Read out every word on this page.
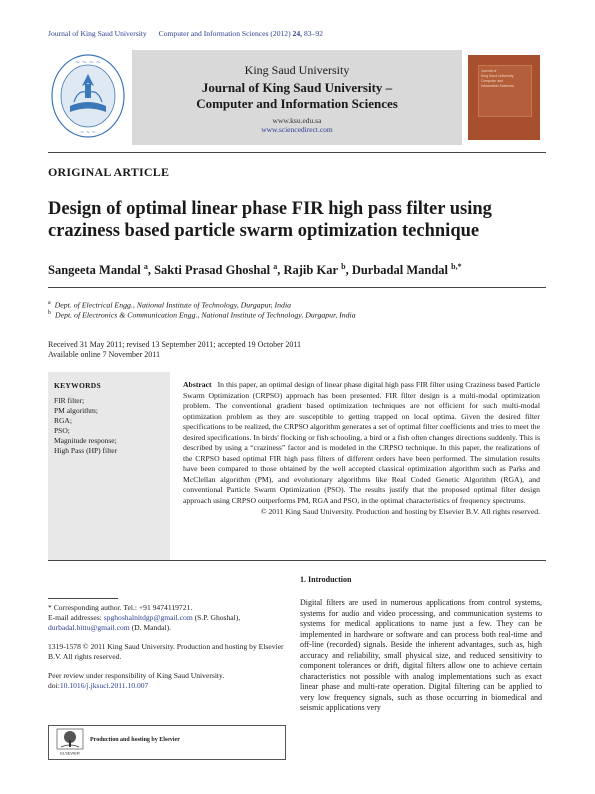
Journal of King Saud University Computer and Information Sciences (2012) 24, 83–92
~ ~ ~ ~
~ ~ ~
King Saud University
Journal of King Saud University –
Computer and Information Sciences
www.ksu.edu.sa
www.sciencedirect.com
Journal of
King Saud University
Computer and
Information Sciences
ORIGINAL ARTICLE
Design of optimal linear phase FIR high pass filter using
craziness based particle swarm optimization technique
Sangeeta Mandal $^a$, Sakti Prasad Ghoshal $^a$, Rajib Kar $^b$, Durbadal Mandal $^{b,*}$
$^a$ Dept. of Electrical Engg., National Institute of Technology, Durgapur, India
$^b$ Dept. of Electronics & Communication Engg., National Institute of Technology, Durgapur, India
Received 31 May 2011; revised 13 September 2011; accepted 19 October 2011
Available online 7 November 2011
KEYWORDS
FIR filter;
PM algorithm;
RGA;
PSO;
Magnitude response;
High Pass (HP) filter
Abstract In this paper, an optimal design of linear phase digital high pass FIR filter using Craziness based Particle Swarm Optimization (CRPSO) approach has been presented. FIR filter design is a multi-modal optimization problem. The conventional gradient based optimization techniques are not efficient for such multi-modal optimization problem as they are susceptible to getting trapped on local optima. Given the desired filter specifications to be realized, the CRPSO algorithm generates a set of optimal filter coefficients and tries to meet the desired specifications. In birds' flocking or fish schooling, a bird or a fish often changes directions suddenly. This is described by using a “craziness” factor and is modeled in the CRPSO technique. In this paper, the realizations of the CRPSO based optimal FIR high pass filters of different orders have been performed. The simulation results have been compared to those obtained by the well accepted classical optimization algorithm such as Parks and McClellan algorithm (PM), and evolutionary algorithms like Real Coded Genetic Algorithm (RGA), and conventional Particle Swarm Optimization (PSO). The results justify that the proposed optimal filter design approach using CRPSO outperforms PM, RGA and PSO, in the optimal characteristics of frequency spectrums.
© 2011 King Saud University. Production and hosting by Elsevier B.V. All rights reserved.
* Corresponding author. Tel.: +91 9474119721.
E-mail addresses: spghoshalnitdgp@gmail.com (S.P. Ghoshal), durbadal.bittu@gmail.com (D. Mandal).
1319-1578 © 2011 King Saud University. Production and hosting by Elsevier B.V. All rights reserved.
Peer review under responsibility of King Saud University.
doi:10.1016/j.jksuci.2011.10.007
ELSEVIER
Production and hosting by Elsevier
1. Introduction
Digital filters are used in numerous applications from control systems, systems for audio and video processing, and communication systems to systems for medical applications to name just a few. They can be implemented in hardware or software and can process both real-time and off-line (recorded) signals. Beside the inherent advantages, such as, high accuracy and reliability, small physical size, and reduced sensitivity to component tolerances or drift, digital filters allow one to achieve certain characteristics not possible with analog implementations such as exact linear phase and multi-rate operation. Digital filtering can be applied to very low frequency signals, such as those occurring in biomedical and seismic applications very
